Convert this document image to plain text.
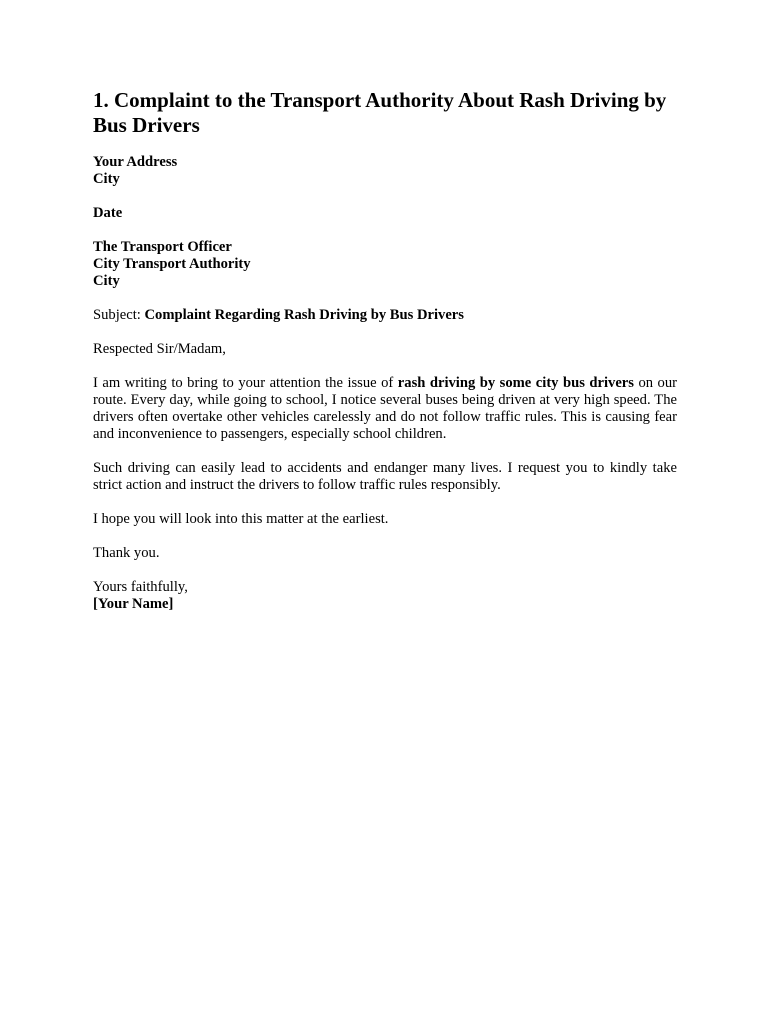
1. Complaint to the Transport Authority About Rash Driving by Bus Drivers
Your Address
City
Date
The Transport Officer
City Transport Authority
City
Subject: Complaint Regarding Rash Driving by Bus Drivers
Respected Sir/Madam,

I am writing to bring to your attention the issue of rash driving by some city bus drivers on our route. Every day, while going to school, I notice several buses being driven at very high speed. The drivers often overtake other vehicles carelessly and do not follow traffic rules. This is causing fear and inconvenience to passengers, especially school children.

Such driving can easily lead to accidents and endanger many lives. I request you to kindly take strict action and instruct the drivers to follow traffic rules responsibly.

I hope you will look into this matter at the earliest.

Thank you.

Yours faithfully,
[Your Name]
